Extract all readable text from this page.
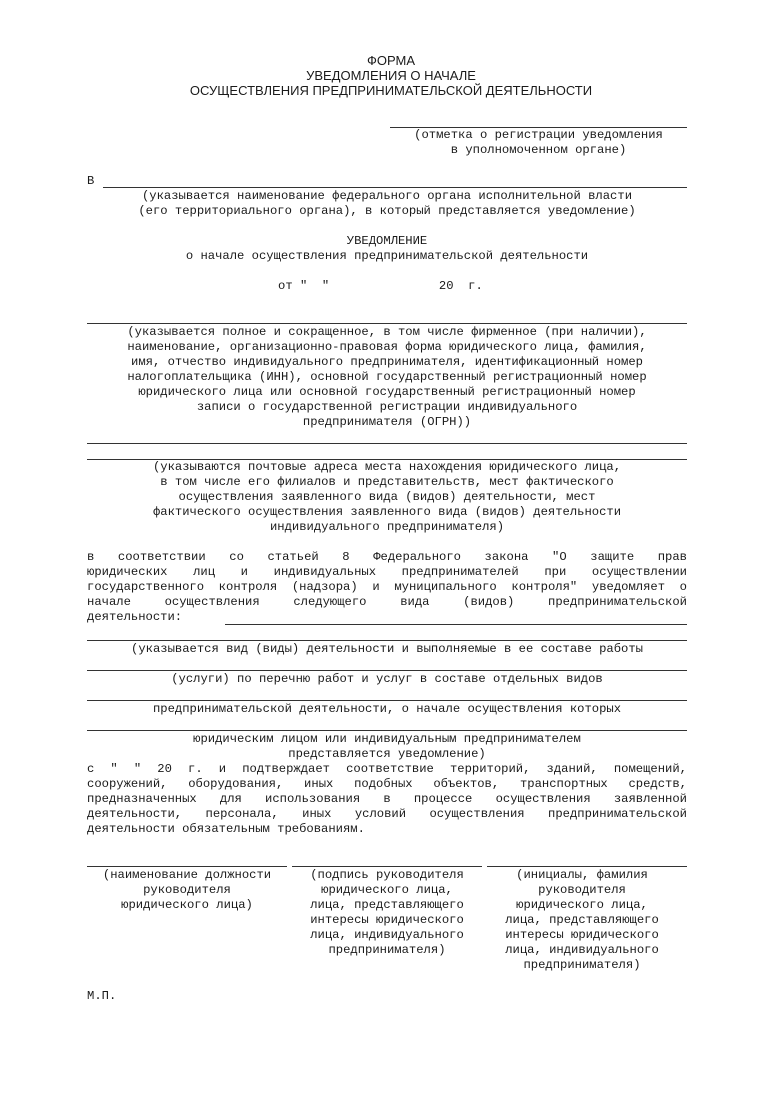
ФОРМА
УВЕДОМЛЕНИЯ О НАЧАЛЕ
ОСУЩЕСТВЛЕНИЯ ПРЕДПРИНИМАТЕЛЬСКОЙ ДЕЯТЕЛЬНОСТИ
(отметка о регистрации уведомления
в уполномоченном органе)
В
(указывается наименование федерального органа исполнительной власти
(его территориального органа), в который представляется уведомление)
УВЕДОМЛЕНИЕ
о начале осуществления предпринимательской деятельности
от "  "               20  г.
(указывается полное и сокращенное, в том числе фирменное (при наличии),
наименование, организационно-правовая форма юридического лица, фамилия,
имя, отчество индивидуального предпринимателя, идентификационный номер
налогоплательщика (ИНН), основной государственный регистрационный номер
юридического лица или основной государственный регистрационный номер
записи о государственной регистрации индивидуального
предпринимателя (ОГРН))
(указываются почтовые адреса места нахождения юридического лица,
в том числе его филиалов и представительств, мест фактического
осуществления заявленного вида (видов) деятельности, мест
фактического осуществления заявленного вида (видов) деятельности
индивидуального предпринимателя)
в соответствии со статьей 8 Федерального закона "О защите прав
юридических лиц и индивидуальных предпринимателей при осуществлении
государственного контроля (надзора) и муниципального контроля" уведомляет о
начале осуществления следующего вида (видов) предпринимательской
деятельности:
(указывается вид (виды) деятельности и выполняемые в ее составе работы
(услуги) по перечню работ и услуг в составе отдельных видов
предпринимательской деятельности, о начале осуществления которых
юридическим лицом или индивидуальным предпринимателем
представляется уведомление)
с " " 20 г. и подтверждает соответствие территорий, зданий, помещений,
сооружений, оборудования, иных подобных объектов, транспортных средств,
предназначенных для использования в процессе осуществления заявленной
деятельности, персонала, иных условий осуществления предпринимательской
деятельности обязательным требованиям.
(наименование должности
руководителя
юридического лица)
(подпись руководителя
юридического лица,
лица, представляющего
интересы юридического
лица, индивидуального
предпринимателя)
(инициалы, фамилия
руководителя
юридического лица,
лица, представляющего
интересы юридического
лица, индивидуального
предпринимателя)
М.П.
